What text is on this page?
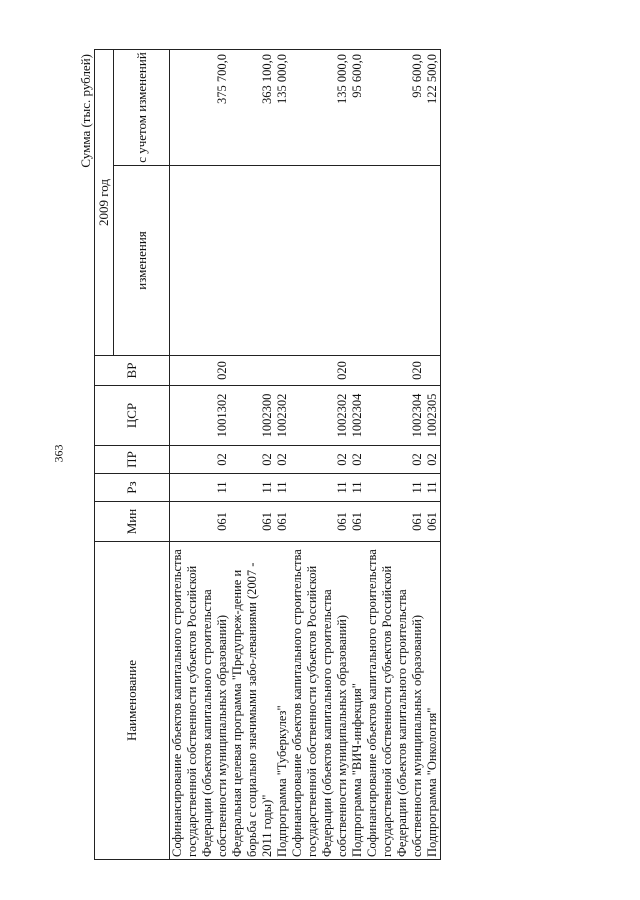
363
Сумма (тыс. рублей)
Наименование	Мин	Рз	ПР	ЦСР	ВР	2009 год	
						изменения	с учетом изменений
Софинансирование объектов капитального строительства государственной собственности субъектов Российской Федерации (объектов капитального строительства собственности муниципальных образований)	061	11	02	1001302	020		375 700,0
Федеральная целевая программа "Предупреж-дение и борьба с социально значимыми забо-леваниями (2007 - 2011 годы)"	061	11	02	1002300			363 100,0
Подпрограмма "Туберкулез"	061	11	02	1002302			135 000,0
Софинансирование объектов капитального строительства государственной собственности субъектов Российской Федерации (объектов капитального строительства собственности муниципальных образований)	061	11	02	1002302	020		135 000,0
Подпрограмма "ВИЧ-инфекция"	061	11	02	1002304			95 600,0
Софинансирование объектов капитального строительства государственной собственности субъектов Российской Федерации (объектов капитального строительства собственности муниципальных образований)	061	11	02	1002304	020		95 600,0
Подпрограмма "Онкология"	061	11	02	1002305			122 500,0
